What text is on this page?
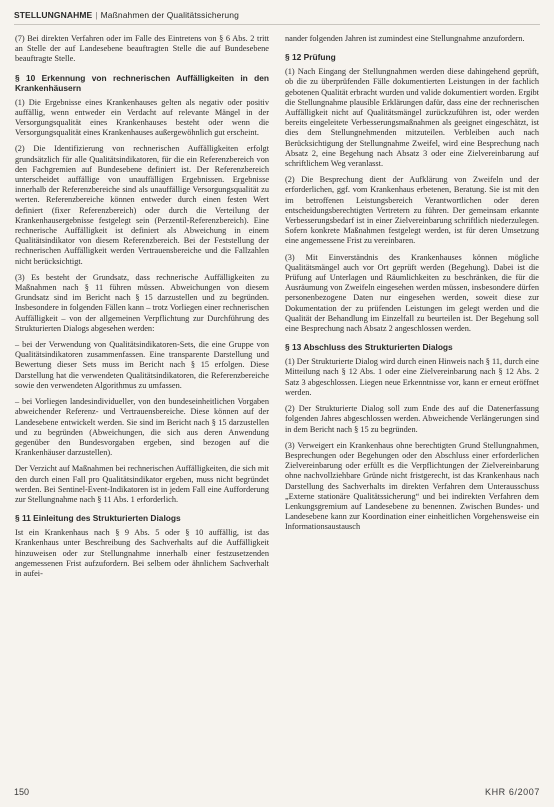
STELLUNGNAHME | Maßnahmen der Qualitätssicherung

(7) Bei direkten Verfahren oder im Falle des Eintretens von § 6 Abs. 2 tritt an Stelle der auf Landesebene beauftragten Stelle die auf Bundesebene beauftragte Stelle.

§ 10 Erkennung von rechnerischen Auffälligkeiten in den Krankenhäusern

(1) Die Ergebnisse eines Krankenhauses gelten als negativ oder positiv auffällig, wenn entweder ein Verdacht auf relevante Mängel in der Versorgungsqualität eines Krankenhauses besteht oder wenn die Versorgungsqualität eines Krankenhauses außergewöhnlich gut erscheint.

(2) Die Identifizierung von rechnerischen Auffälligkeiten erfolgt grundsätzlich für alle Qualitätsindikatoren, für die ein Referenzbereich von den Fachgremien auf Bundesebene definiert ist. Der Referenzbereich unterscheidet auffällige von unauffälligen Ergebnissen. Ergebnisse innerhalb der Referenzbereiche sind als unauffällige Versorgungsqualität zu werten. Referenzbereiche können entweder durch einen festen Wert definiert (fixer Referenzbereich) oder durch die Verteilung der Krankenhausergebnisse festgelegt sein (Perzentil-Referenzbereich). Eine rechnerische Auffälligkeit ist definiert als Abweichung in einem Qualitätsindikator von diesem Referenzbereich. Bei der Feststellung der rechnerischen Auffälligkeit werden Vertrauensbereiche und die Fallzahlen nicht berücksichtigt.

(3) Es besteht der Grundsatz, dass rechnerische Auffälligkeiten zu Maßnahmen nach § 11 führen müssen. Abweichungen von diesem Grundsatz sind im Bericht nach § 15 darzustellen und zu begründen. Insbesondere in folgenden Fällen kann – trotz Vorliegen einer rechnerischen Auffälligkeit – von der allgemeinen Verpflichtung zur Durchführung des Strukturierten Dialogs abgesehen werden:

– bei der Verwendung von Qualitätsindikatoren-Sets, die eine Gruppe von Qualitätsindikatoren zusammenfassen. Eine transparente Darstellung und Bewertung dieser Sets muss im Bericht nach § 15 erfolgen. Diese Darstellung hat die verwendeten Qualitätsindikatoren, die Referenzbereiche sowie den verwendeten Algorithmus zu umfassen.

– bei Vorliegen landesindividueller, von den bundeseinheitlichen Vorgaben abweichender Referenz- und Vertrauensbereiche. Diese können auf der Landesebene entwickelt werden. Sie sind im Bericht nach § 15 darzustellen und zu begründen (Abweichungen, die sich aus deren Anwendung gegenüber den Bundesvorgaben ergeben, sind bezogen auf die Krankenhäuser darzustellen).

Der Verzicht auf Maßnahmen bei rechnerischen Auffälligkeiten, die sich mit den durch einen Fall pro Qualitätsindikator ergeben, muss nicht begründet werden. Bei Sentinel-Event-Indikatoren ist in jedem Fall eine Aufforderung zur Stellungnahme nach § 11 Abs. 1 erforderlich.

§ 11 Einleitung des Strukturierten Dialogs

Ist ein Krankenhaus nach § 9 Abs. 5 oder § 10 auffällig, ist das Krankenhaus unter Beschreibung des Sachverhalts auf die Auffälligkeit hinzuweisen oder zur Stellungnahme innerhalb einer festzusetzenden angemessenen Frist aufzufordern. Bei selbem oder ähnlichem Sachverhalt in aufei-

nander folgenden Jahren ist zumindest eine Stellungnahme anzufordern.

§ 12 Prüfung

(1) Nach Eingang der Stellungnahmen werden diese dahingehend geprüft, ob die zu überprüfenden Fälle dokumentierten Leistungen in der fachlich gebotenen Qualität erbracht wurden und valide dokumentiert worden. Ergibt die Stellungnahme plausible Erklärungen dafür, dass eine der rechnerischen Auffälligkeit nicht auf Qualitätsmängel zurückzuführen ist, oder werden bereits eingeleitete Verbesserungsmaßnahmen als geeignet eingeschätzt, ist dies dem Stellungnehmenden mitzuteilen. Verbleiben auch nach Berücksichtigung der Stellungnahme Zweifel, wird eine Besprechung nach Absatz 2, eine Begehung nach Absatz 3 oder eine Zielvereinbarung auf schriftlichem Weg veranlasst.

(2) Die Besprechung dient der Aufklärung von Zweifeln und der erforderlichen, ggf. vom Krankenhaus erbetenen, Beratung. Sie ist mit den im betroffenen Leistungsbereich Verantwortlichen oder deren entscheidungsberechtigten Vertretern zu führen. Der gemeinsam erkannte Verbesserungsbedarf ist in einer Zielvereinbarung schriftlich niederzulegen. Sofern konkrete Maßnahmen festgelegt werden, ist für deren Umsetzung eine angemessene Frist zu vereinbaren.

(3) Mit Einverständnis des Krankenhauses können mögliche Qualitätsmängel auch vor Ort geprüft werden (Begehung). Dabei ist die Prüfung auf Unterlagen und Räumlichkeiten zu beschränken, die für die Ausräumung von Zweifeln eingesehen werden müssen, insbesondere dürfen personenbezogene Daten nur eingesehen werden, soweit diese zur Dokumentation der zu prüfenden Leistungen im gelegt werden und die Qualität der Behandlung im Einzelfall zu beurteilen ist. Der Begehung soll eine Besprechung nach Absatz 2 angeschlossen werden.

§ 13 Abschluss des Strukturierten Dialogs

(1) Der Strukturierte Dialog wird durch einen Hinweis nach § 11, durch eine Mitteilung nach § 12 Abs. 1 oder eine Zielvereinbarung nach § 12 Abs. 2 Satz 3 abgeschlossen. Liegen neue Erkenntnisse vor, kann er erneut eröffnet werden.

(2) Der Strukturierte Dialog soll zum Ende des auf die Datenerfassung folgenden Jahres abgeschlossen werden. Abweichende Verlängerungen sind in dem Bericht nach § 15 zu begründen.

(3) Verweigert ein Krankenhaus ohne berechtigten Grund Stellungnahmen, Besprechungen oder Begehungen oder den Abschluss einer erforderlichen Zielvereinbarung oder erfüllt es die Verpflichtungen der Zielvereinbarung ohne nachvollziehbare Gründe nicht fristgerecht, ist das Krankenhaus nach Darstellung des Sachverhalts im direkten Verfahren dem Unterausschuss „Externe stationäre Qualitätssicherung“ und bei indirekten Verfahren dem Lenkungsgremium auf Landesebene zu benennen. Zwischen Bundes- und Landesebene kann zur Koordination einer einheitlichen Vorgehensweise ein Informationsaustausch

150	KHR 6/2007
